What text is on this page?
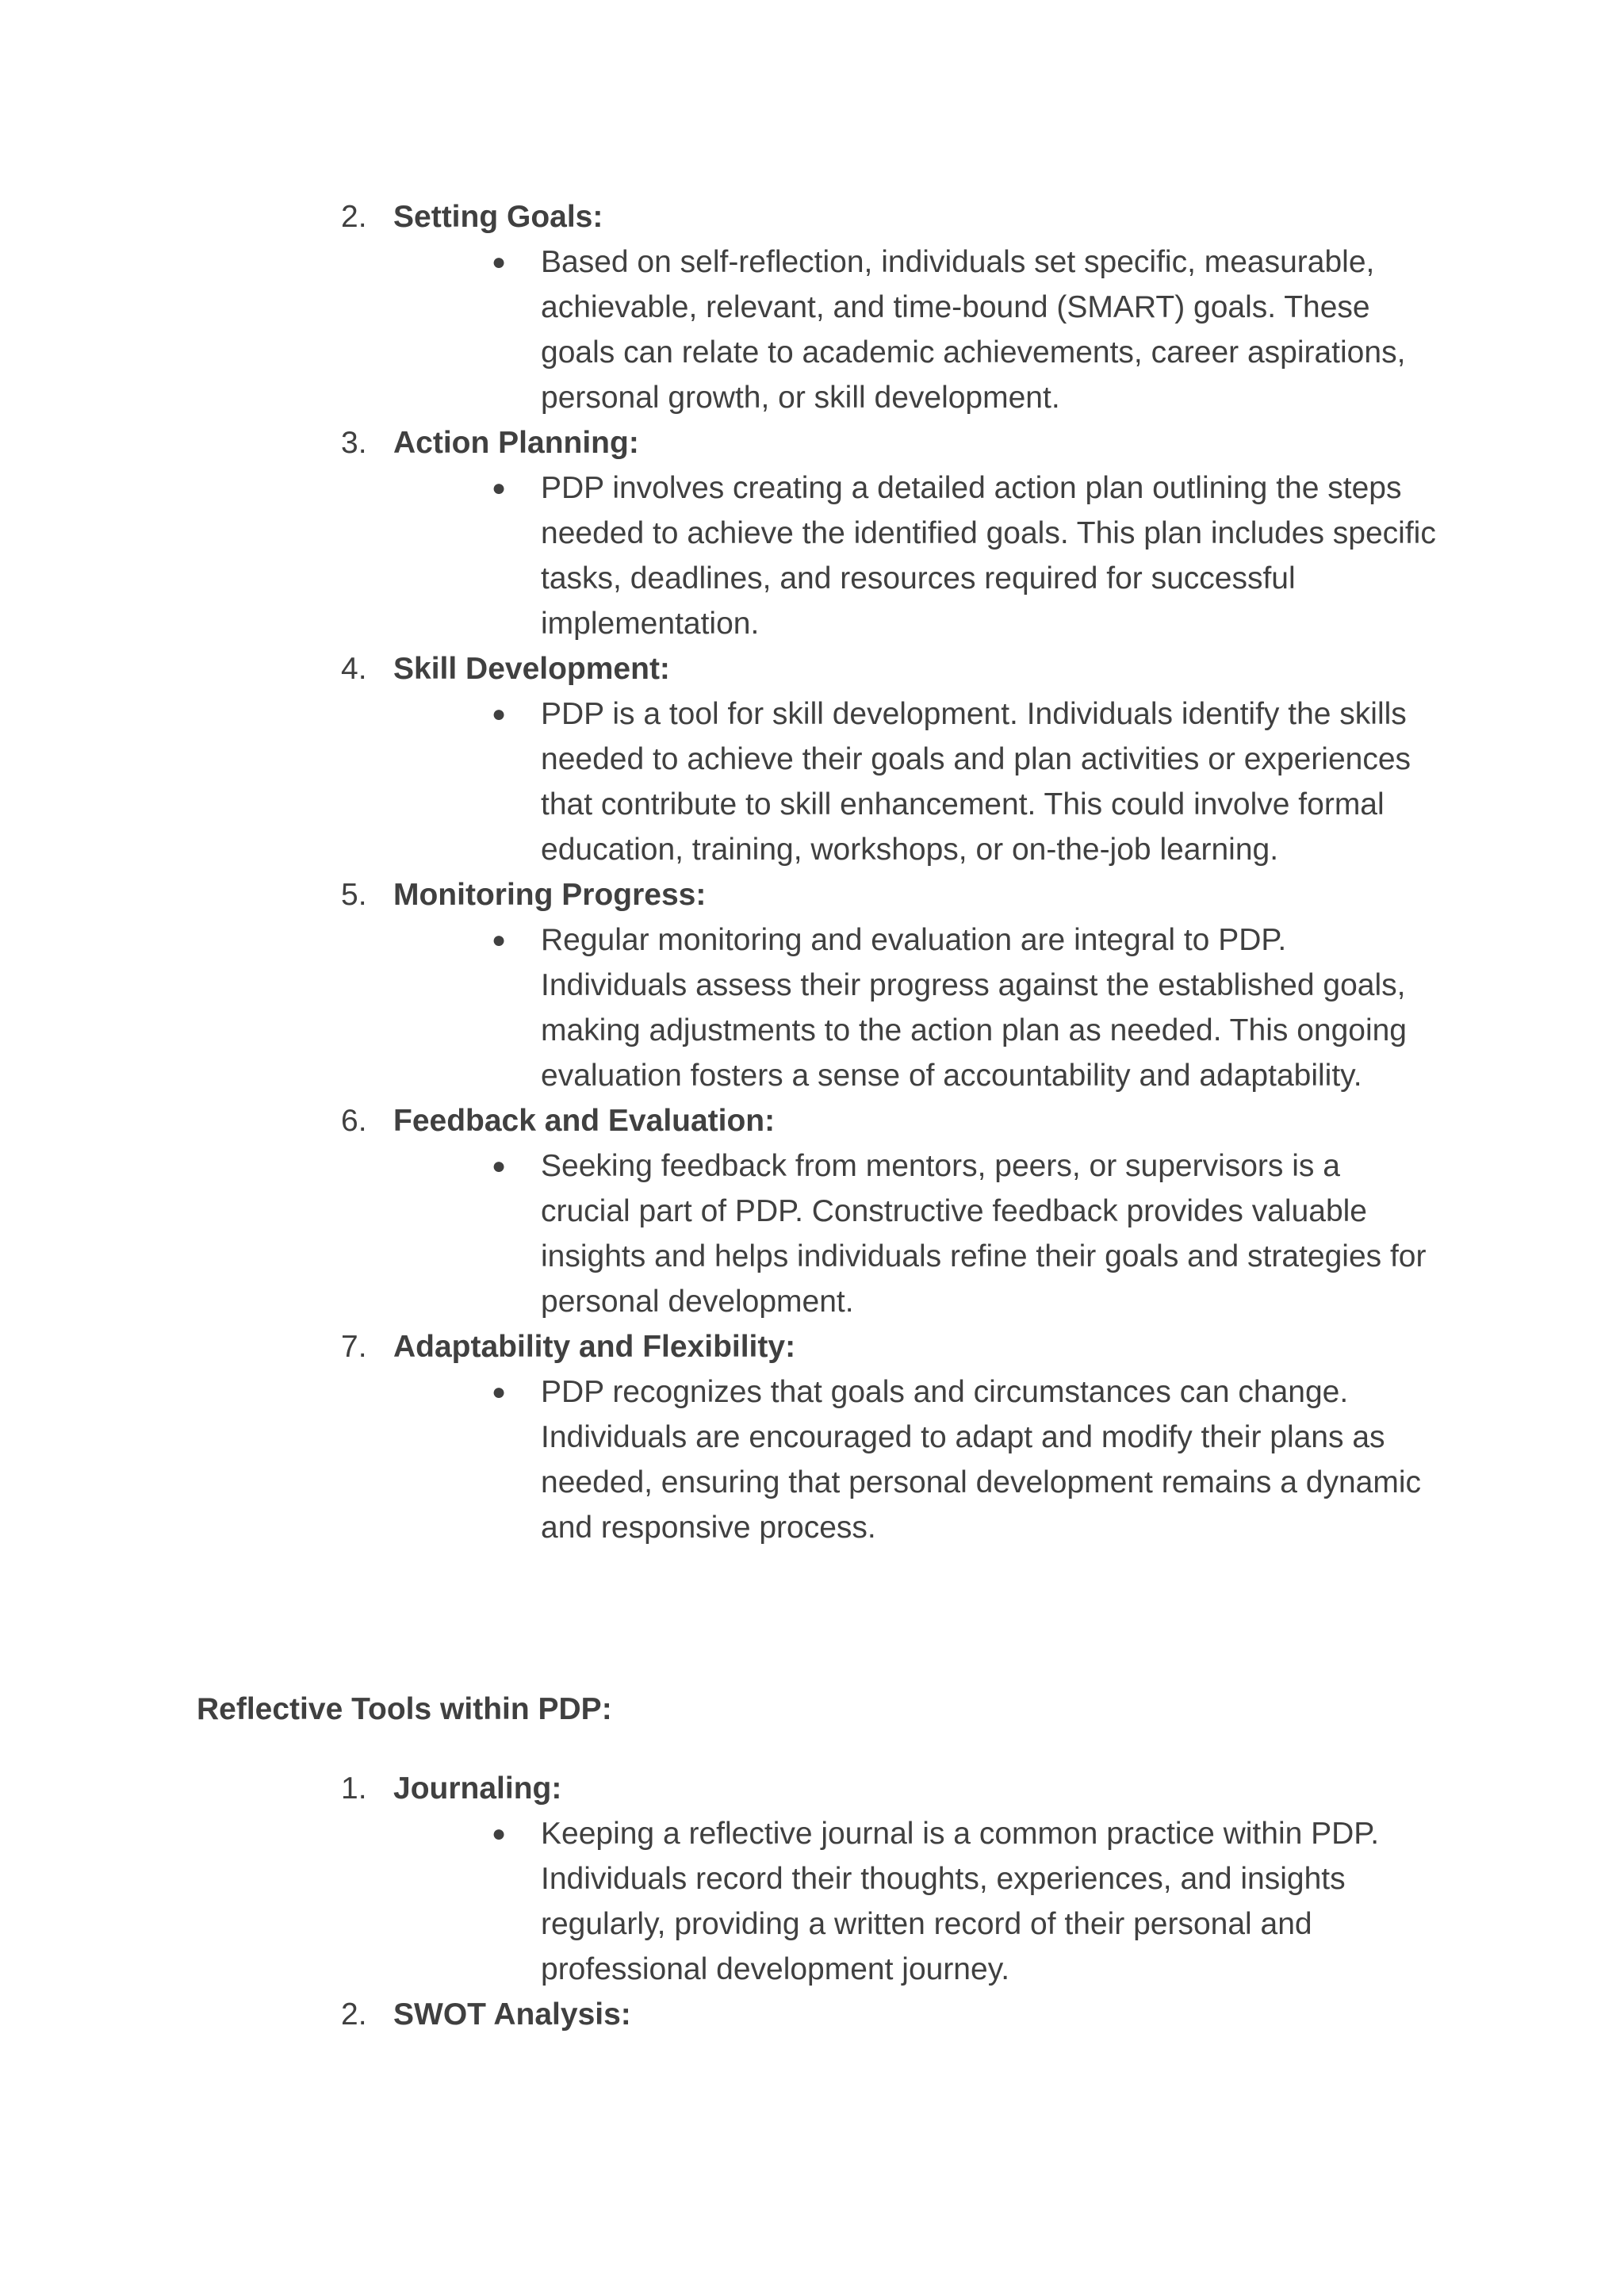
2. Setting Goals:
● Based on self-reflection, individuals set specific, measurable, achievable, relevant, and time-bound (SMART) goals. These goals can relate to academic achievements, career aspirations, personal growth, or skill development.
3. Action Planning:
● PDP involves creating a detailed action plan outlining the steps needed to achieve the identified goals. This plan includes specific tasks, deadlines, and resources required for successful implementation.
4. Skill Development:
● PDP is a tool for skill development. Individuals identify the skills needed to achieve their goals and plan activities or experiences that contribute to skill enhancement. This could involve formal education, training, workshops, or on-the-job learning.
5. Monitoring Progress:
● Regular monitoring and evaluation are integral to PDP. Individuals assess their progress against the established goals, making adjustments to the action plan as needed. This ongoing evaluation fosters a sense of accountability and adaptability.
6. Feedback and Evaluation:
● Seeking feedback from mentors, peers, or supervisors is a crucial part of PDP. Constructive feedback provides valuable insights and helps individuals refine their goals and strategies for personal development.
7. Adaptability and Flexibility:
● PDP recognizes that goals and circumstances can change. Individuals are encouraged to adapt and modify their plans as needed, ensuring that personal development remains a dynamic and responsive process.
Reflective Tools within PDP:
1. Journaling:
● Keeping a reflective journal is a common practice within PDP. Individuals record their thoughts, experiences, and insights regularly, providing a written record of their personal and professional development journey.
2. SWOT Analysis:
